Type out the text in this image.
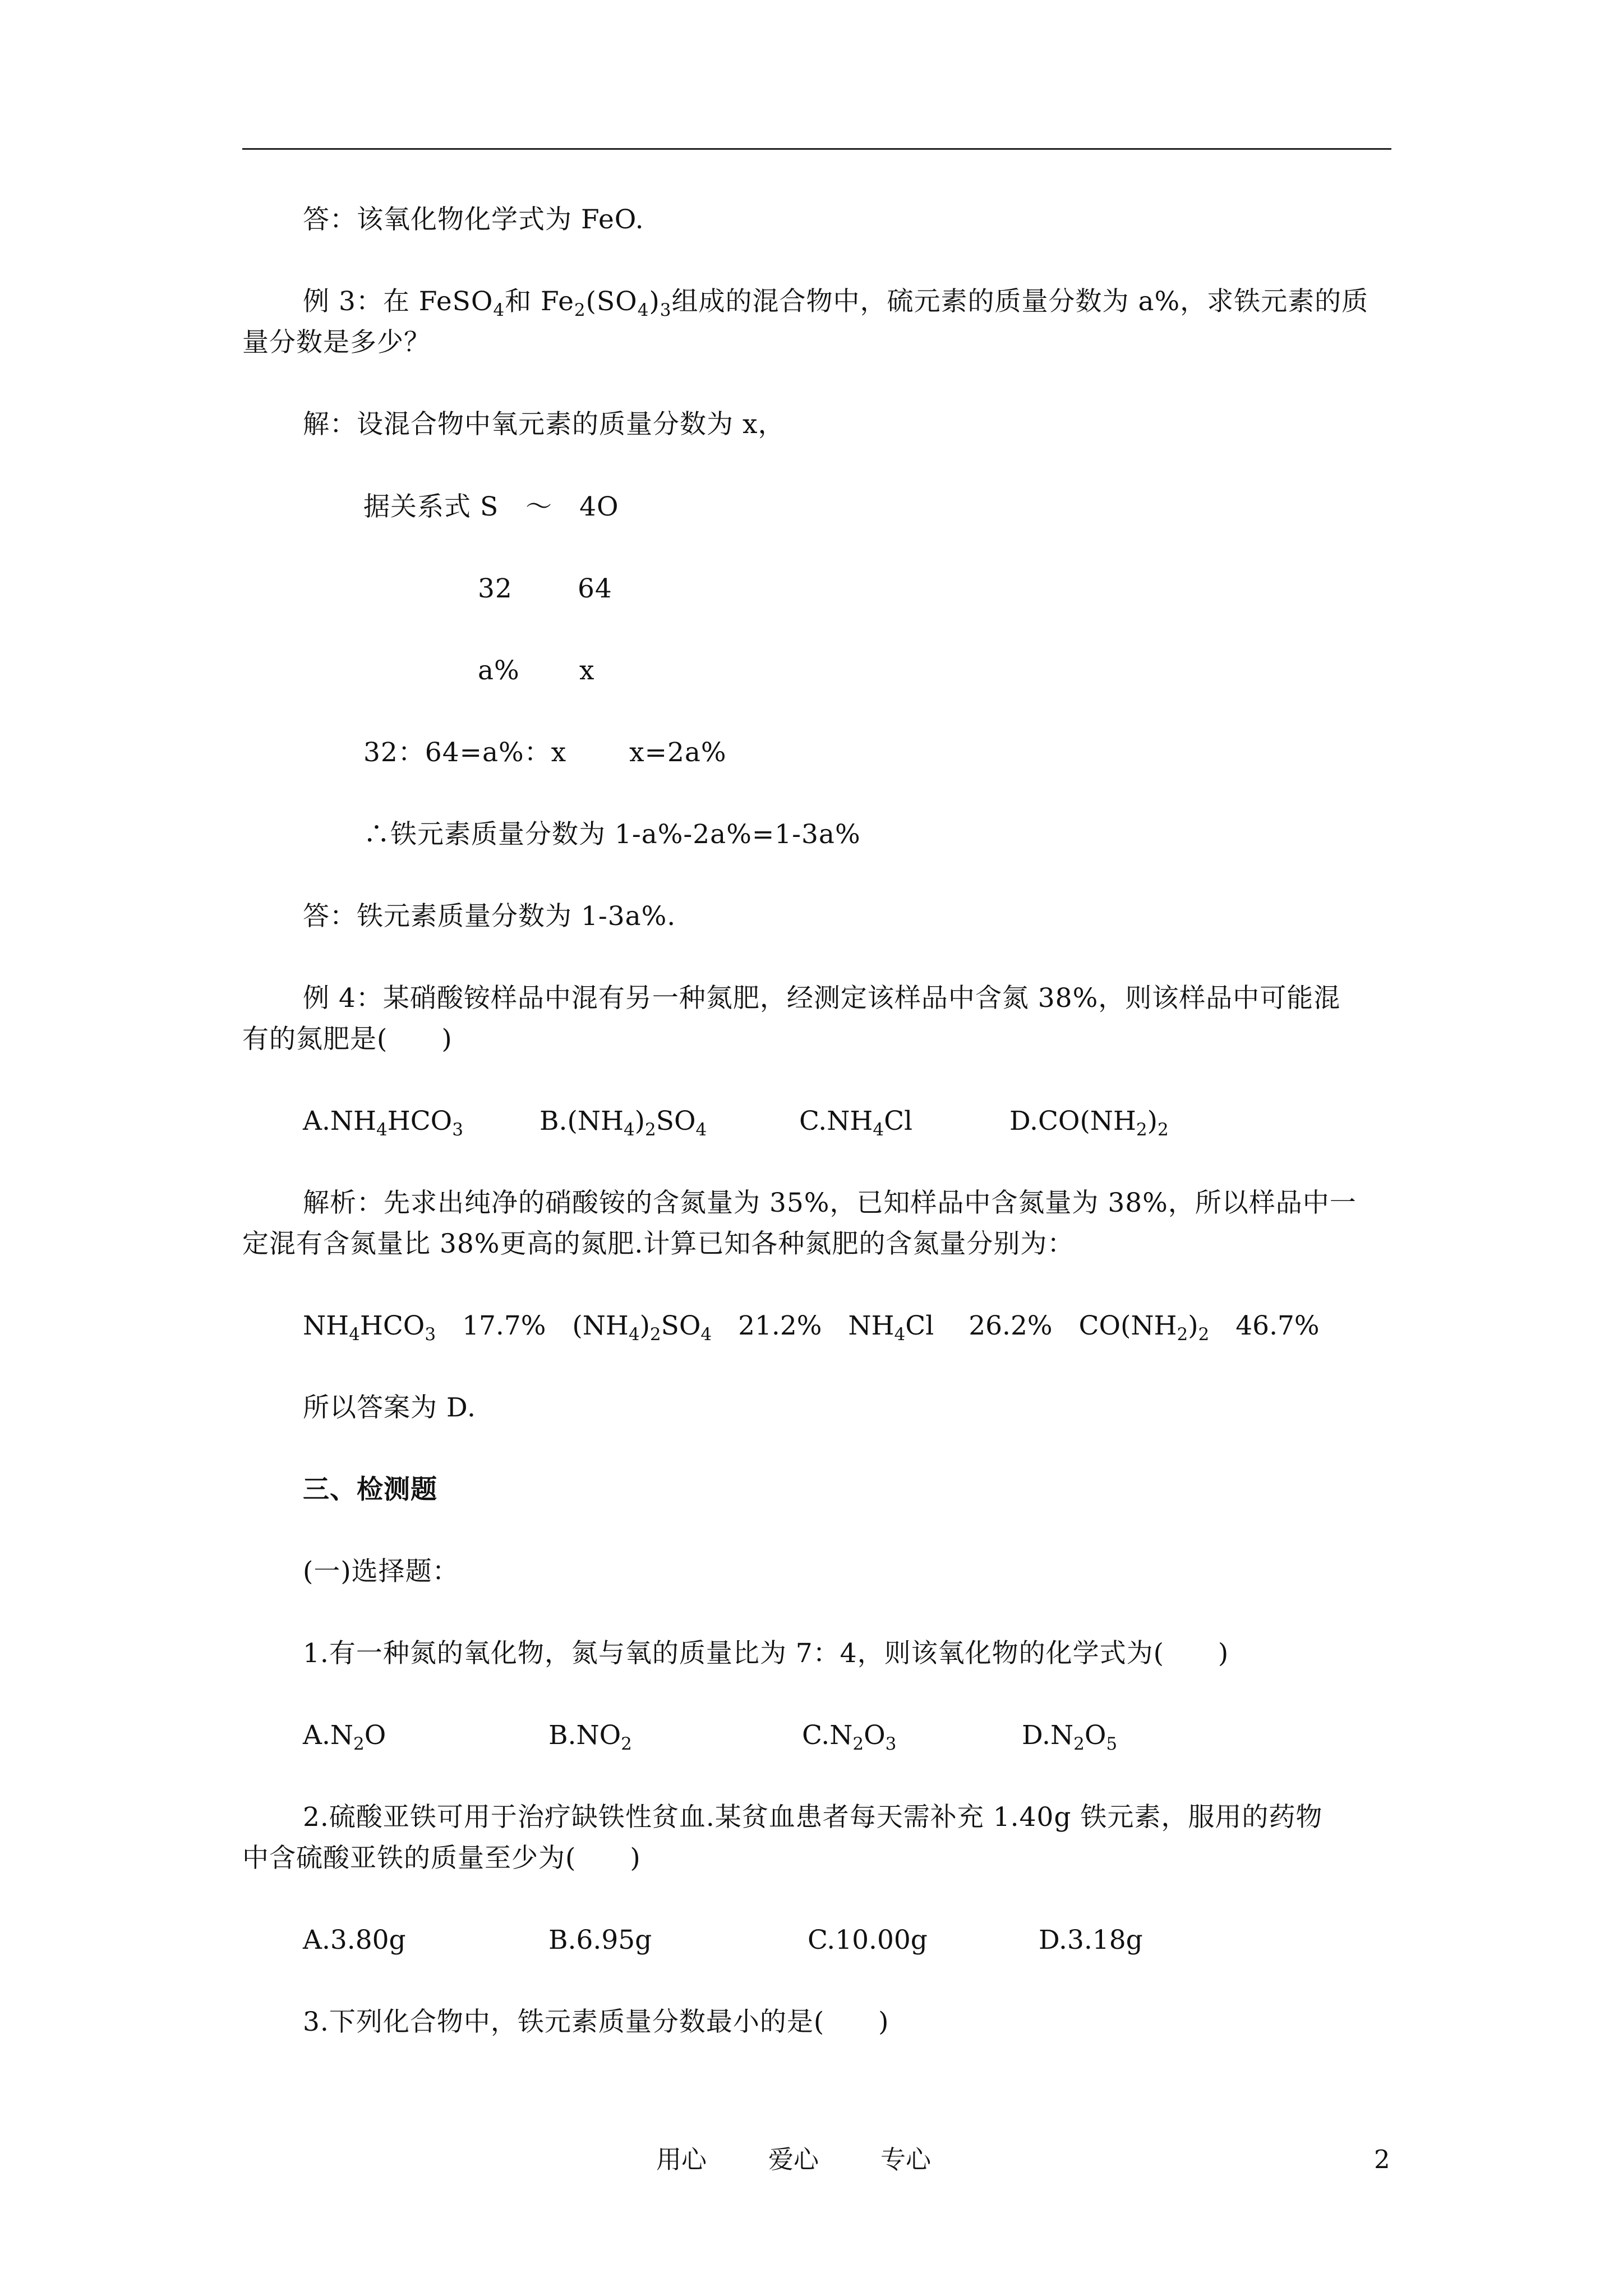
答：该氧化物化学式为 FeO.
例 3：在 FeSO$_4$和 $Fe_2(SO_4)_3$组成的混合物中，硫元素的质量分数为 a%，求铁元素的质
量分数是多少？
解：设混合物中氧元素的质量分数为 x，
据关系式 S　～　4O
32 64
a% x
32：64=a%：x　　 x=2a%
∴铁元素质量分数为 1-a%-2a%=1-3a%
答：铁元素质量分数为 1-3a%.
例 4：某硝酸铵样品中混有另一种氮肥，经测定该样品中含氮 38%，则该样品中可能混
有的氮肥是(　　)
$A.NH_4HCO_3$	$B.(NH_4)_2SO_4$	$C.NH_4Cl$	$D.CO(NH_2)_2$
解析：先求出纯净的硝酸铵的含氮量为 35%，已知样品中含氮量为 38%，所以样品中一
定混有含氮量比 38%更高的氮肥.计算已知各种氮肥的含氮量分别为：
$NH_4HCO_3$　17.7%　$(NH_4)_2SO_4$　21.2%　$NH_4Cl$　 26.2%　$CO(NH_2)_2$　46.7%
所以答案为 D.
三、检测题
(一)选择题：
1.有一种氮的氧化物，氮与氧的质量比为 7：4，则该氧化物的化学式为(　　)
$A.N_2O$	$B.NO_2$	$C.N_2O_3$	$D.N_2O_5$
2.硫酸亚铁可用于治疗缺铁性贫血.某贫血患者每天需补充 1.40g 铁元素，服用的药物
中含硫酸亚铁的质量至少为(　　)
A.3.80g	B.6.95g	C.10.00g	D.3.18g
3.下列化合物中，铁元素质量分数最小的是(　　)
用心 爱心 专心	2
